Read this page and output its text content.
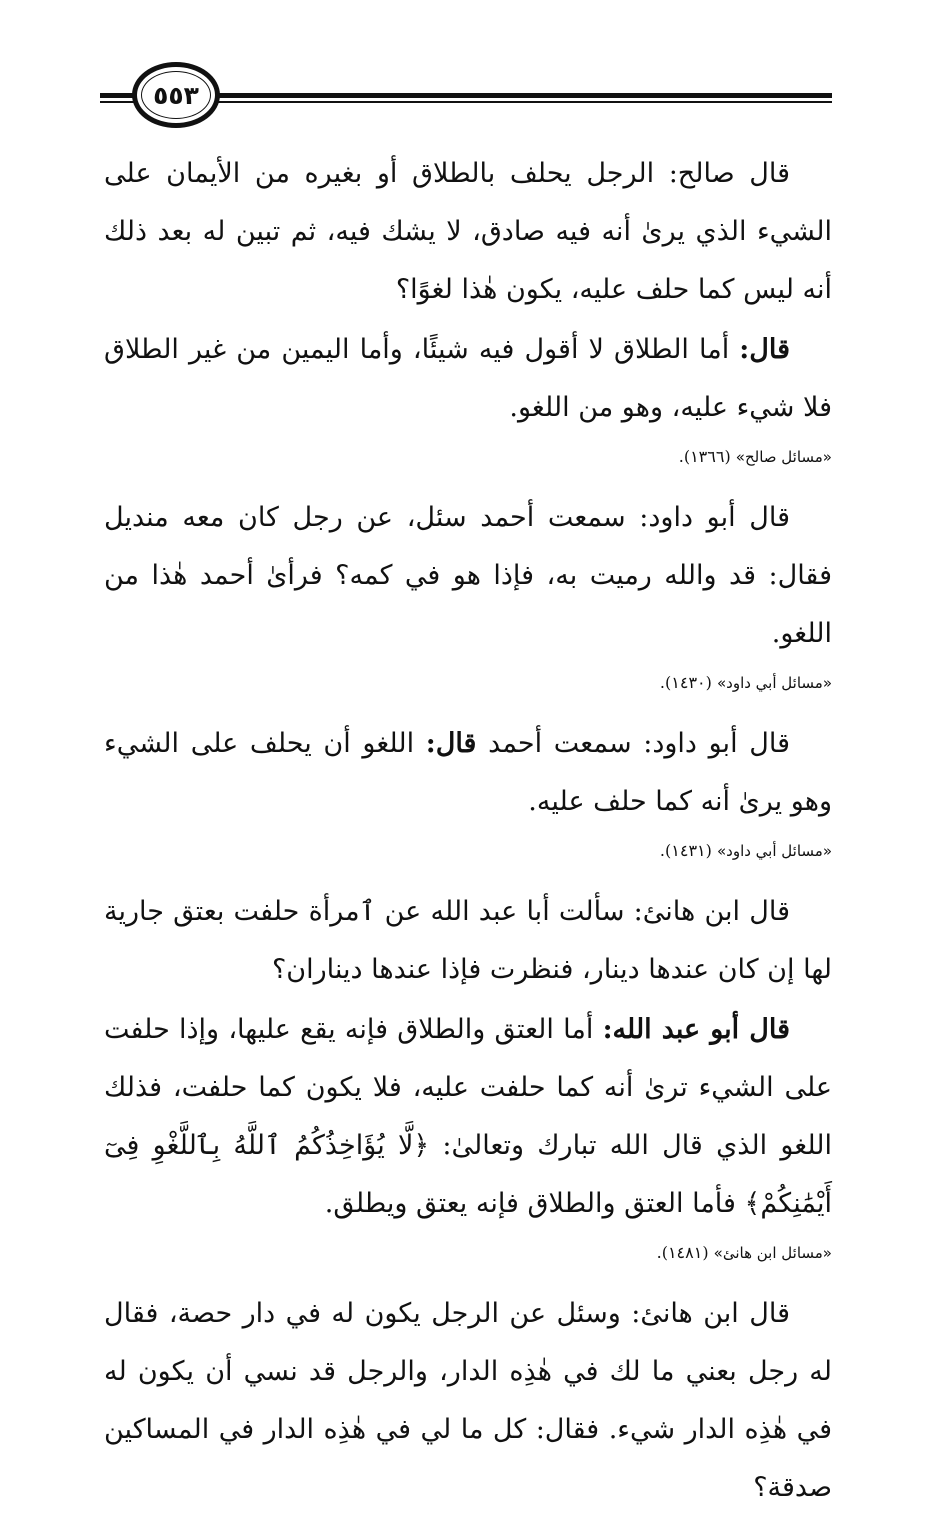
٥٥٣

قال صالح: الرجل يحلف بالطلاق أو بغيره من الأيمان على الشيء الذي يرىٰ أنه فيه صادق، لا يشك فيه، ثم تبين له بعد ذلك أنه ليس كما حلف عليه، يكون هٰذا لغوًا؟

قال: أما الطلاق لا أقول فيه شيئًا، وأما اليمين من غير الطلاق فلا شيء عليه، وهو من اللغو.

«مسائل صالح» (١٣٦٦).

قال أبو داود: سمعت أحمد سئل، عن رجل كان معه منديل فقال: قد والله رميت به، فإذا هو في كمه؟ فرأىٰ أحمد هٰذا من اللغو.

«مسائل أبي داود» (١٤٣٠).

قال أبو داود: سمعت أحمد قال: اللغو أن يحلف على الشيء وهو يرىٰ أنه كما حلف عليه.

«مسائل أبي داود» (١٤٣١).

قال ابن هانئ: سألت أبا عبد الله عن ٱمرأة حلفت بعتق جارية لها إن كان عندها دينار، فنظرت فإذا عندها ديناران؟

قال أبو عبد الله: أما العتق والطلاق فإنه يقع عليها، وإذا حلفت على الشيء ترىٰ أنه كما حلفت عليه، فلا يكون كما حلفت، فذلك اللغو الذي قال الله تبارك وتعالىٰ: ﴿لَّا يُؤَاخِذُكُمُ ٱللَّهُ بِٱللَّغْوِ فِىٓ أَيْمَٰنِكُمْ﴾ فأما العتق والطلاق فإنه يعتق ويطلق.

«مسائل ابن هانئ» (١٤٨١).

قال ابن هانئ: وسئل عن الرجل يكون له في دار حصة، فقال له رجل بعني ما لك في هٰذِه الدار، والرجل قد نسي أن يكون له في هٰذِه الدار شيء. فقال: كل ما لي في هٰذِه الدار في المساكين صدقة؟
